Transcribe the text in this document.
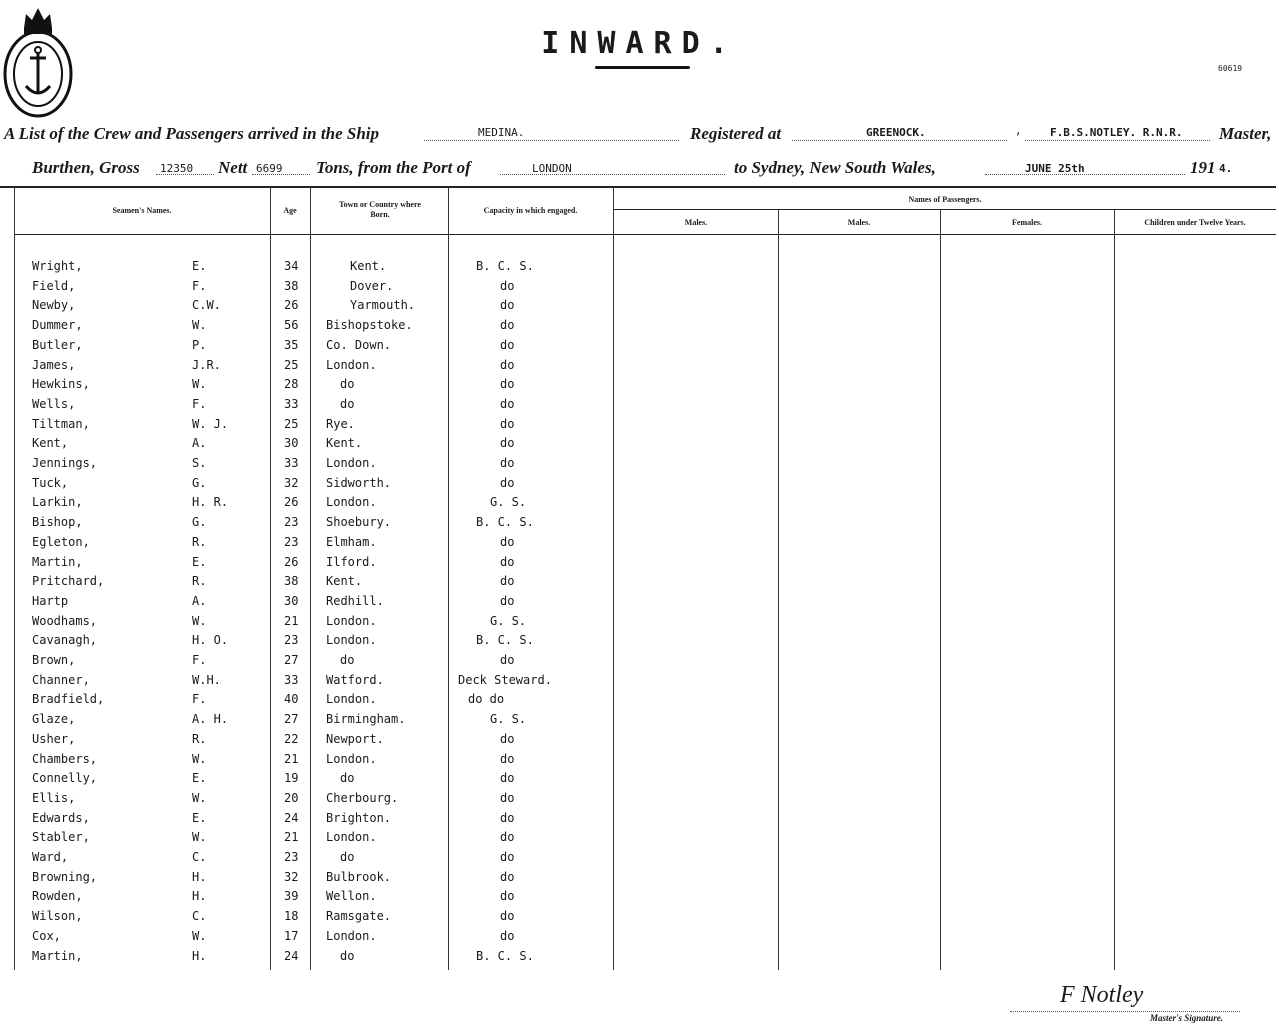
60619
INWARD.
A List of the Crew and Passengers arrived in the Ship	MEDINA.	Registered at	GREENOCK.	,	F.B.S.NOTLEY. R.N.R. Master,
Burthen, Gross 12350 Nett 6699 Tons, from the Port of	LONDON	to Sydney, New South Wales,	JUNE 25th	191 4.
Seamen's Names.	Age
Town or Country where Born.	Capacity in which engaged.
Names of Passengers.
Males.	Males.	Females.	Children under Twelve Years.
Wright,	E.	34	Kent.	B. C. S.
Field,	F.	38	Dover.	do
Newby,	C.W.	26	Yarmouth.	do
Dummer,	W.	56 Bishopstoke.	do
Butler,	P.	35 Co. Down.	do
James,	J.R.	25 London.	do
Hewkins,	W.	28	do	do
Wells,	F.	33	do	do
Tiltman,	W. J.	25 Rye.	do
Kent,	A.	30 Kent.	do
Jennings,	S.	33 London.	do
Tuck,	G.	32 Sidworth.	do
Larkin,	H. R.	26 London.	G. S.
Bishop,	G.	23 Shoebury.	B. C. S.
Egleton,	R.	23 Elmham.	do
Martin,	E.	26 Ilford.	do
Pritchard,	R.	38 Kent.	do
Hartp	A.	30 Redhill.	do
Woodhams,	W.	21 London.	G. S.
Cavanagh,	H. O.	23 London.	B. C. S.
Brown,	F.	27	do	do
Channer,	W.H.	33 Watford.	Deck Steward.
Bradfield,	F.	40 London.	do do
Glaze,	A. H.	27 Birmingham.	G. S.
Usher,	R.	22 Newport.	do
Chambers,	W.	21 London.	do
Connelly,	E.	19	do	do
Ellis,	W.	20 Cherbourg.	do
Edwards,	E.	24 Brighton.	do
Stabler,	W.	21 London.	do
Ward,	C.	23	do	do
Browning,	H.	32 Bulbrook.	do
Rowden,	H.	39 Wellon.	do
Wilson,	C.	18 Ramsgate.	do
Cox,	W.	17 London.	do
Martin,	H.	24	do	B. C. S.
F Notley
Master's Signature.
